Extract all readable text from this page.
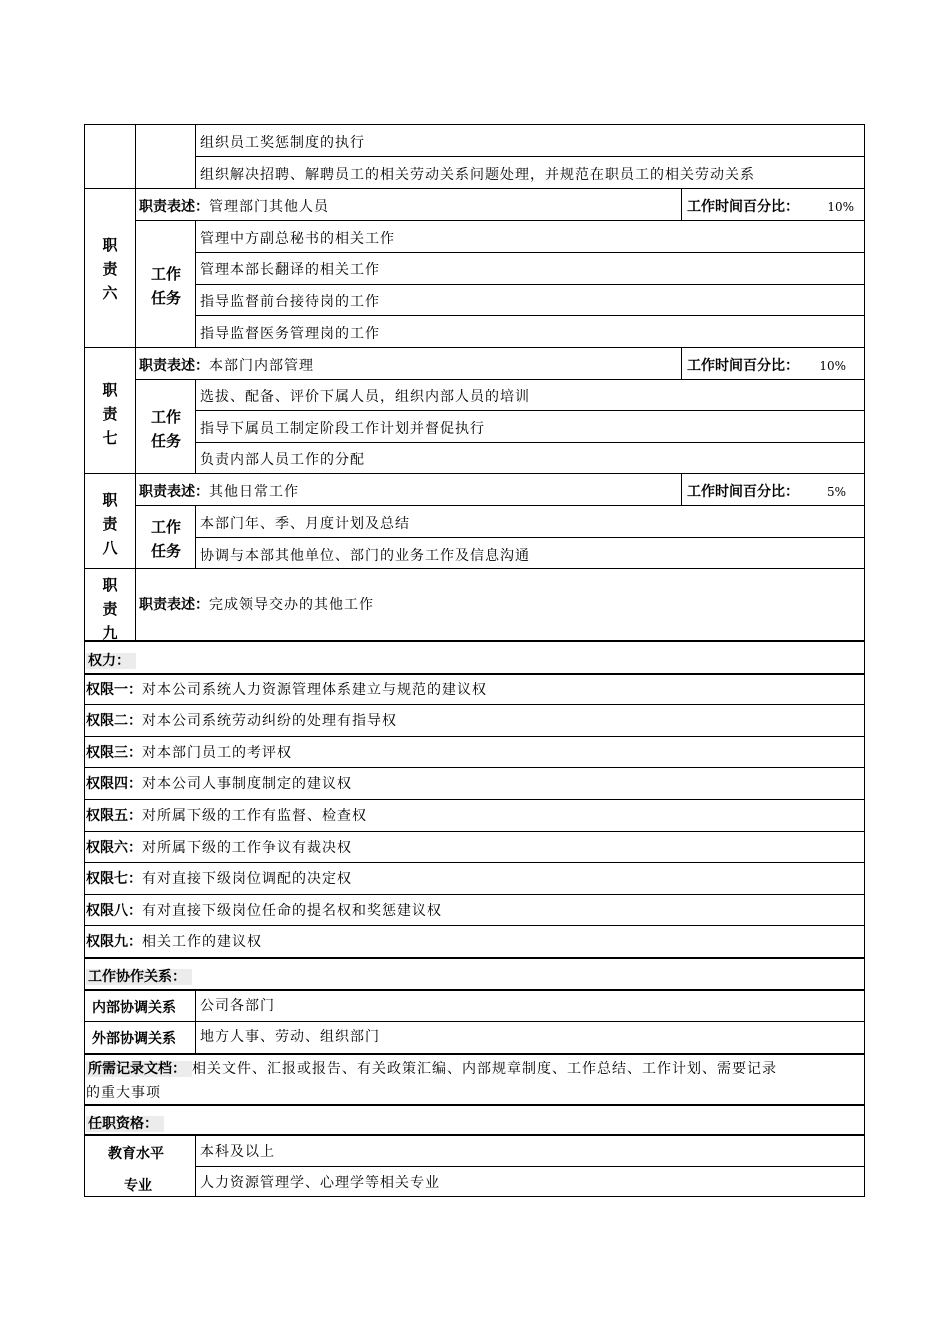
组织员工奖惩制度的执行
组织解决招聘、解聘员工的相关劳动关系问题处理，并规范在职员工的相关劳动关系
职责六
职责表述：管理部门其他人员	工作时间百分比：	10%
工作任务
管理中方副总秘书的相关工作
管理本部长翻译的相关工作
指导监督前台接待岗的工作
指导监督医务管理岗的工作
职责七
职责表述：本部门内部管理	工作时间百分比：	10%
工作任务
选拔、配备、评价下属人员，组织内部人员的培训
指导下属员工制定阶段工作计划并督促执行
负责内部人员工作的分配
职责八
职责表述：其他日常工作	工作时间百分比：	5%
工作任务
本部门年、季、月度计划及总结
协调与本部其他单位、部门的业务工作及信息沟通
职责九
职责表述：完成领导交办的其他工作
权力：
权限一：对本公司系统人力资源管理体系建立与规范的建议权
权限二：对本公司系统劳动纠纷的处理有指导权
权限三：对本部门员工的考评权
权限四：对本公司人事制度制定的建议权
权限五：对所属下级的工作有监督、检查权
权限六：对所属下级的工作争议有裁决权
权限七：有对直接下级岗位调配的决定权
权限八：有对直接下级岗位任命的提名权和奖惩建议权
权限九：相关工作的建议权
工作协作关系：
内部协调关系 公司各部门
外部协调关系 地方人事、劳动、组织部门
所需记录文档： 相关文件、汇报或报告、有关政策汇编、内部规章制度、工作总结、工作计划、需要记录
的重大事项
任职资格：
教育水平	本科及以上
专业	人力资源管理学、心理学等相关专业
